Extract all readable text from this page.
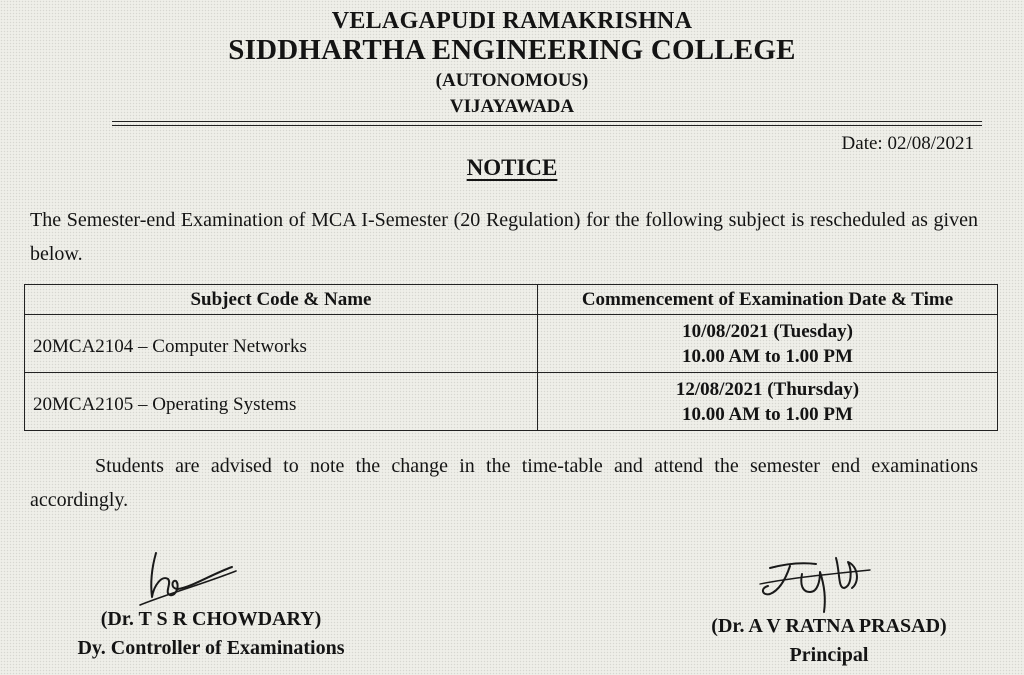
VELAGAPUDI RAMAKRISHNA
SIDDHARTHA ENGINEERING COLLEGE
(AUTONOMOUS)
VIJAYAWADA
Date: 02/08/2021
NOTICE

The Semester-end Examination of MCA I-Semester (20 Regulation) for the following subject is rescheduled as given below.

Subject Code & Name	Commencement of Examination Date & Time
20MCA2104 – Computer Networks	10/08/2021 (Tuesday)
10.00 AM to 1.00 PM

20MCA2105 – Operating Systems	12/08/2021 (Thursday)
10.00 AM to 1.00 PM

Students are advised to note the change in the time-table and attend the semester end examinations accordingly.

(Dr. T S R CHOWDARY)
Dy. Controller of Examinations
(Dr. A V RATNA PRASAD)
Principal
